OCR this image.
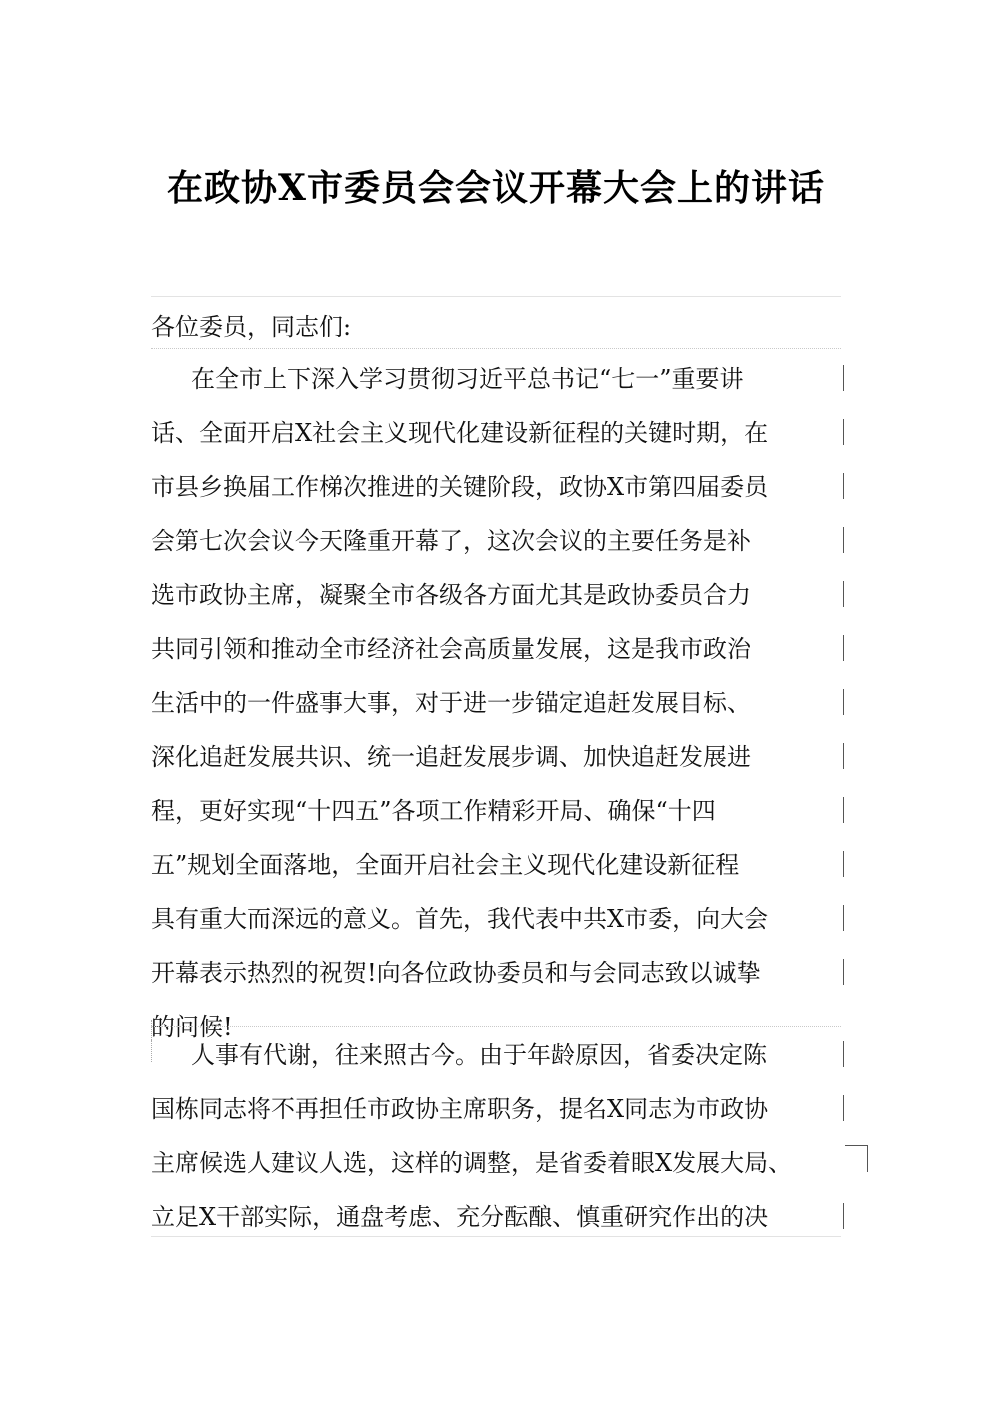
在政协X市委员会会议开幕大会上的讲话

各位委员，同志们:

在全市上下深入学习贯彻习近平总书记“七一”重要讲
话、全面开启X社会主义现代化建设新征程的关键时期，在
市县乡换届工作梯次推进的关键阶段，政协X市第四届委员
会第七次会议今天隆重开幕了，这次会议的主要任务是补
选市政协主席，凝聚全市各级各方面尤其是政协委员合力
共同引领和推动全市经济社会高质量发展，这是我市政治
生活中的一件盛事大事，对于进一步锚定追赶发展目标、
深化追赶发展共识、统一追赶发展步调、加快追赶发展进
程，更好实现“十四五”各项工作精彩开局、确保“十四
五”规划全面落地，全面开启社会主义现代化建设新征程
具有重大而深远的意义。首先，我代表中共X市委，向大会
开幕表示热烈的祝贺!向各位政协委员和与会同志致以诚挚
的问候!
人事有代谢，往来照古今。由于年龄原因，省委决定陈
国栋同志将不再担任市政协主席职务，提名X同志为市政协
主席候选人建议人选，这样的调整，是省委着眼X发展大局、
立足X干部实际，通盘考虑、充分酝酿、慎重研究作出的决
